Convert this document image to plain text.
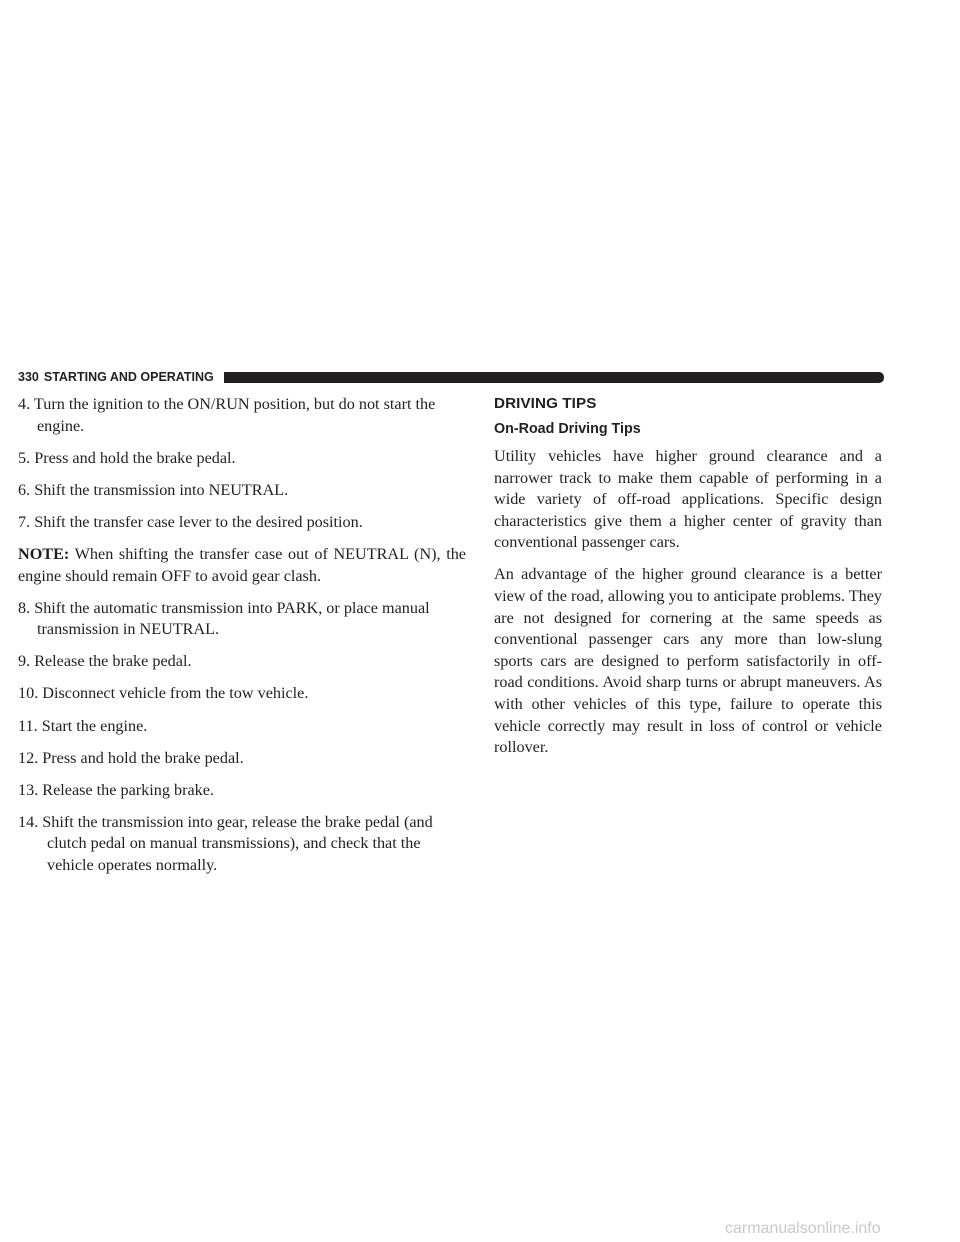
330 STARTING AND OPERATING

4. Turn the ignition to the ON/RUN position, but do not start the engine.

5. Press and hold the brake pedal.

6. Shift the transmission into NEUTRAL.

7. Shift the transfer case lever to the desired position.

NOTE: When shifting the transfer case out of NEUTRAL (N), the engine should remain OFF to avoid gear clash.

8. Shift the automatic transmission into PARK, or place manual transmission in NEUTRAL.

9. Release the brake pedal.

10. Disconnect vehicle from the tow vehicle.

11. Start the engine.

12. Press and hold the brake pedal.

13. Release the parking brake.

14. Shift the transmission into gear, release the brake pedal (and clutch pedal on manual transmissions), and check that the vehicle operates normally.

DRIVING TIPS
On-Road Driving Tips

Utility vehicles have higher ground clearance and a narrower track to make them capable of performing in a wide variety of off-road applications. Specific design characteristics give them a higher center of gravity than conventional passenger cars.

An advantage of the higher ground clearance is a better view of the road, allowing you to anticipate problems. They are not designed for cornering at the same speeds as conventional passenger cars any more than low-slung sports cars are designed to perform satisfactorily in off-road conditions. Avoid sharp turns or abrupt maneuvers. As with other vehicles of this type, failure to operate this vehicle correctly may result in loss of control or vehicle rollover.

carmanualsonline.info
